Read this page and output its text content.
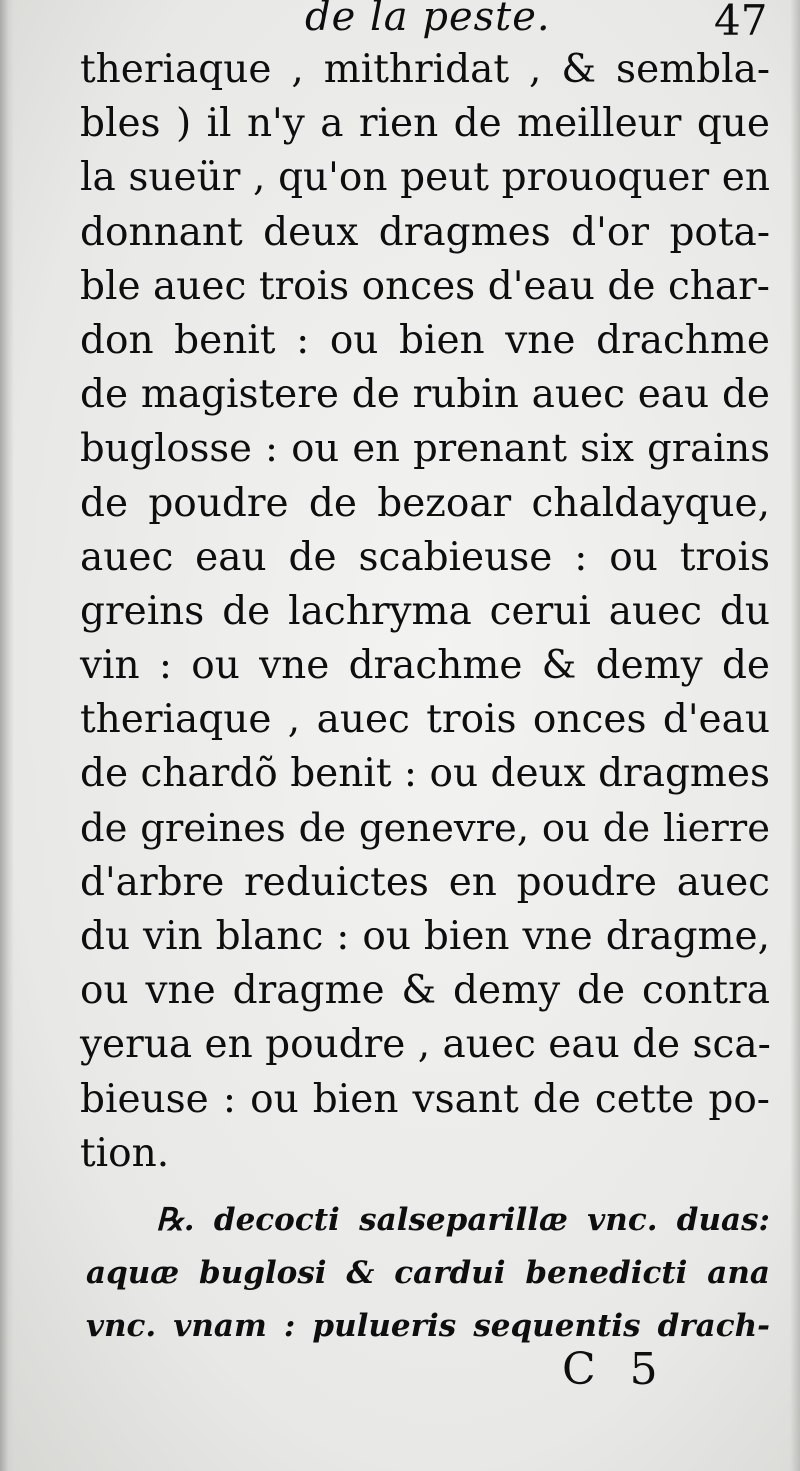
de la peste.	47
theriaque , mithridat , & sembla-
bles ) il n'y a rien de meilleur que
la sueür , qu'on peut prouoquer en
donnant deux dragmes d'or pota-
ble auec trois onces d'eau de char-
don benit : ou bien vne drachme
de magistere de rubin auec eau de
buglosse : ou en prenant six grains
de poudre de bezoar chaldayque,
auec eau de scabieuse : ou trois
greins de lachryma cerui auec du
vin : ou vne drachme & demy de
theriaque , auec trois onces d'eau
de chardõ benit : ou deux dragmes
de greines de genevre, ou de lierre
d'arbre reduictes en poudre auec
du vin blanc : ou bien vne dragme,
ou vne dragme & demy de contra
yerua en poudre , auec eau de sca-
bieuse : ou bien vsant de cette po-
tion.
℞. decocti salseparillæ vnc. duas:
aquæ buglosi & cardui benedicti ana
vnc. vnam : pulueris sequentis drach-
C 5
